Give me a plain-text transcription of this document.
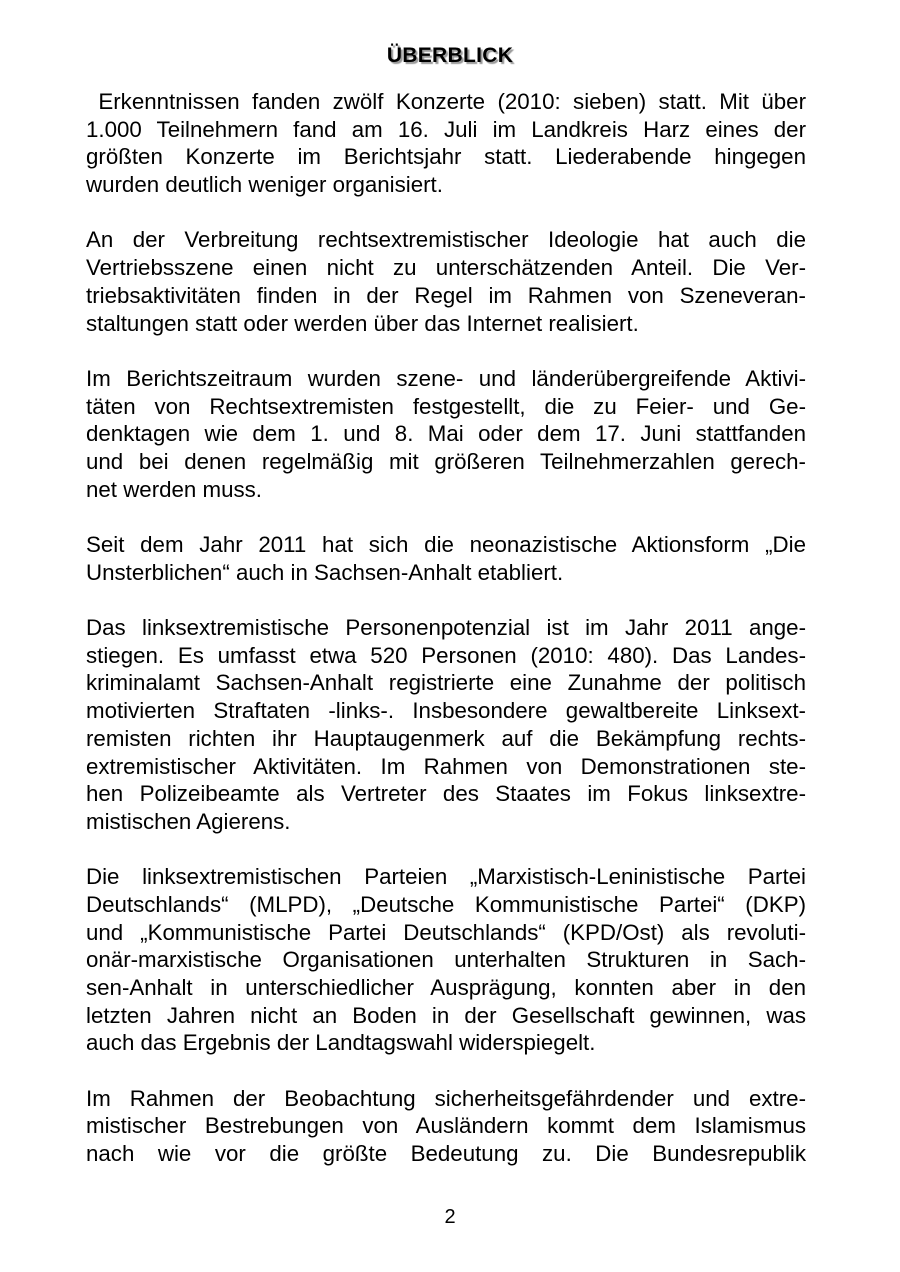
ÜBERBLICK
Erkenntnissen fanden zwölf Konzerte (2010: sieben) statt. Mit über
1.000 Teilnehmern fand am 16. Juli im Landkreis Harz eines der
größten Konzerte im Berichtsjahr statt. Liederabende hingegen
wurden deutlich weniger organisiert.
An der Verbreitung rechtsextremistischer Ideologie hat auch die
Vertriebsszene einen nicht zu unterschätzenden Anteil. Die Ver-
triebsaktivitäten finden in der Regel im Rahmen von Szeneveran-
staltungen statt oder werden über das Internet realisiert.
Im Berichtszeitraum wurden szene- und länderübergreifende Aktivi-
täten von Rechtsextremisten festgestellt, die zu Feier- und Ge-
denktagen wie dem 1. und 8. Mai oder dem 17. Juni stattfanden
und bei denen regelmäßig mit größeren Teilnehmerzahlen gerech-
net werden muss.
Seit dem Jahr 2011 hat sich die neonazistische Aktionsform „Die
Unsterblichen“ auch in Sachsen-Anhalt etabliert.
Das linksextremistische Personenpotenzial ist im Jahr 2011 ange-
stiegen. Es umfasst etwa 520 Personen (2010: 480). Das Landes-
kriminalamt Sachsen-Anhalt registrierte eine Zunahme der politisch
motivierten Straftaten -links-. Insbesondere gewaltbereite Linksext-
remisten richten ihr Hauptaugenmerk auf die Bekämpfung rechts-
extremistischer Aktivitäten. Im Rahmen von Demonstrationen ste-
hen Polizeibeamte als Vertreter des Staates im Fokus linksextre-
mistischen Agierens.
Die linksextremistischen Parteien „Marxistisch-Leninistische Partei
Deutschlands“ (MLPD), „Deutsche Kommunistische Partei“ (DKP)
und „Kommunistische Partei Deutschlands“ (KPD/Ost) als revoluti-
onär-marxistische Organisationen unterhalten Strukturen in Sach-
sen-Anhalt in unterschiedlicher Ausprägung, konnten aber in den
letzten Jahren nicht an Boden in der Gesellschaft gewinnen, was
auch das Ergebnis der Landtagswahl widerspiegelt.
Im Rahmen der Beobachtung sicherheitsgefährdender und extre-
mistischer Bestrebungen von Ausländern kommt dem Islamismus
nach wie vor die größte Bedeutung zu. Die Bundesrepublik
2
